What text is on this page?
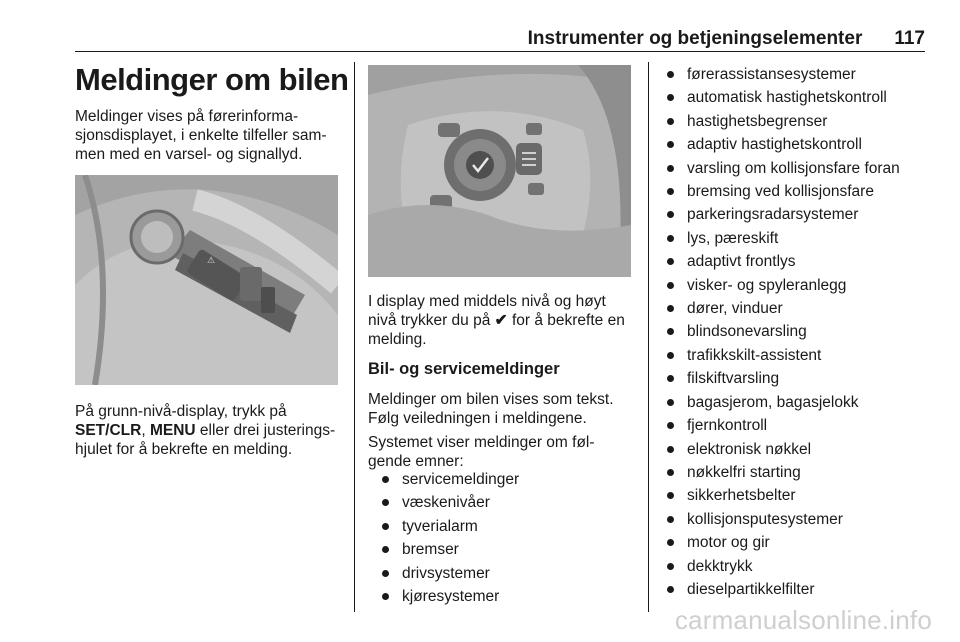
Instrumenter og betjeningselementer 117
Meldinger om bilen

Meldinger vises på førerinforma-
sjonsdisplayet, i enkelte tilfeller sam-
men med en varsel- og signallyd.

⚠

På grunn-nivå-display, trykk på
SET/CLR, MENU eller drei justerings-
hjulet for å bekrefte en melding.

I display med middels nivå og høyt
nivå trykker du på ✔ for å bekrefte en
melding.

Bil- og servicemeldinger

Meldinger om bilen vises som tekst.
Følg veiledningen i meldingene.

Systemet viser meldinger om føl-
gende emner:

servicemeldinger
væskenivåer
tyverialarm
bremser
drivsystemer
kjøresystemer
førerassistansesystemer
automatisk hastighetskontroll
hastighetsbegrenser
adaptiv hastighetskontroll
varsling om kollisjonsfare foran
bremsing ved kollisjonsfare
parkeringsradarsystemer
lys, pæreskift
adaptivt frontlys
visker- og spyleranlegg
dører, vinduer
blindsonevarsling
trafikkskilt-assistent
filskiftvarsling
bagasjerom, bagasjelokk
fjernkontroll
elektronisk nøkkel
nøkkelfri starting
sikkerhetsbelter
kollisjonsputesystemer
motor og gir
dekktrykk
dieselpartikkelfilter
carmanualsonline.info
